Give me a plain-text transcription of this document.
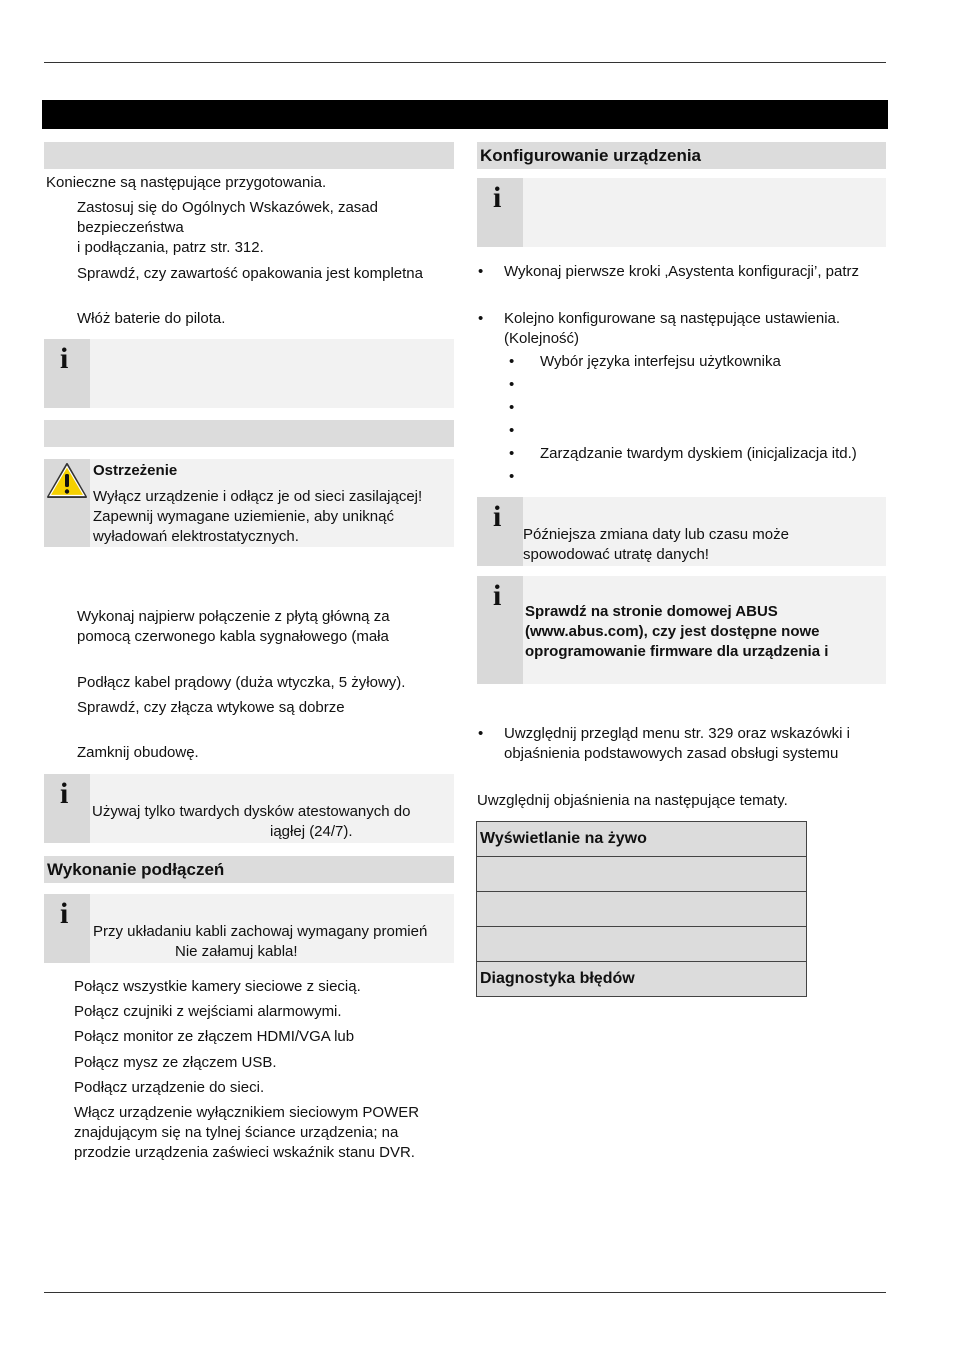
Konieczne są następujące przygotowania.
Zastosuj się do Ogólnych Wskazówek, zasad
bezpieczeństwa
i podłączania, patrz str. 312.
Sprawdź, czy zawartość opakowania jest kompletna
Włóż baterie do pilota.
i
Ostrzeżenie
Wyłącz urządzenie i odłącz je od sieci zasilającej!
Zapewnij wymagane uziemienie, aby uniknąć
wyładowań elektrostatycznych.
Wykonaj najpierw połączenie z płytą główną za
pomocą czerwonego kabla sygnałowego (mała
Podłącz kabel prądowy (duża wtyczka, 5 żyłowy).
Sprawdź, czy złącza wtykowe są dobrze
Zamknij obudowę.
i
Używaj tylko twardych dysków atestowanych do
iągłej (24/7).
Wykonanie podłączeń
i
Przy układaniu kabli zachowaj wymagany promień
Nie załamuj kabla!
Połącz wszystkie kamery sieciowe z siecią.
Połącz czujniki z wejściami alarmowymi.
Połącz monitor ze złączem HDMI/VGA lub
Połącz mysz ze złączem USB.
Podłącz urządzenie do sieci.
Włącz urządzenie wyłącznikiem sieciowym POWER
znajdującym się na tylnej ściance urządzenia; na
przodzie urządzenia zaświeci wskaźnik stanu DVR.
Konfigurowanie urządzenia
i
• Wykonaj pierwsze kroki ‚Asystenta konfiguracji’, patrz
• Kolejno konfigurowane są następujące ustawienia.
(Kolejność)
• Wybór języka interfejsu użytkownika
•
•
•
• Zarządzanie twardym dyskiem (inicjalizacja itd.)
•
i
Późniejsza zmiana daty lub czasu może
spowodować utratę danych!
i Sprawdź na stronie domowej ABUS
(www.abus.com), czy jest dostępne nowe
oprogramowanie firmware dla urządzenia i
• Uwzględnij przegląd menu str. 329 oraz wskazówki i
objaśnienia podstawowych zasad obsługi systemu
Uwzględnij objaśnienia na następujące tematy.
Wyświetlanie na żywo

Diagnostyka błędów
